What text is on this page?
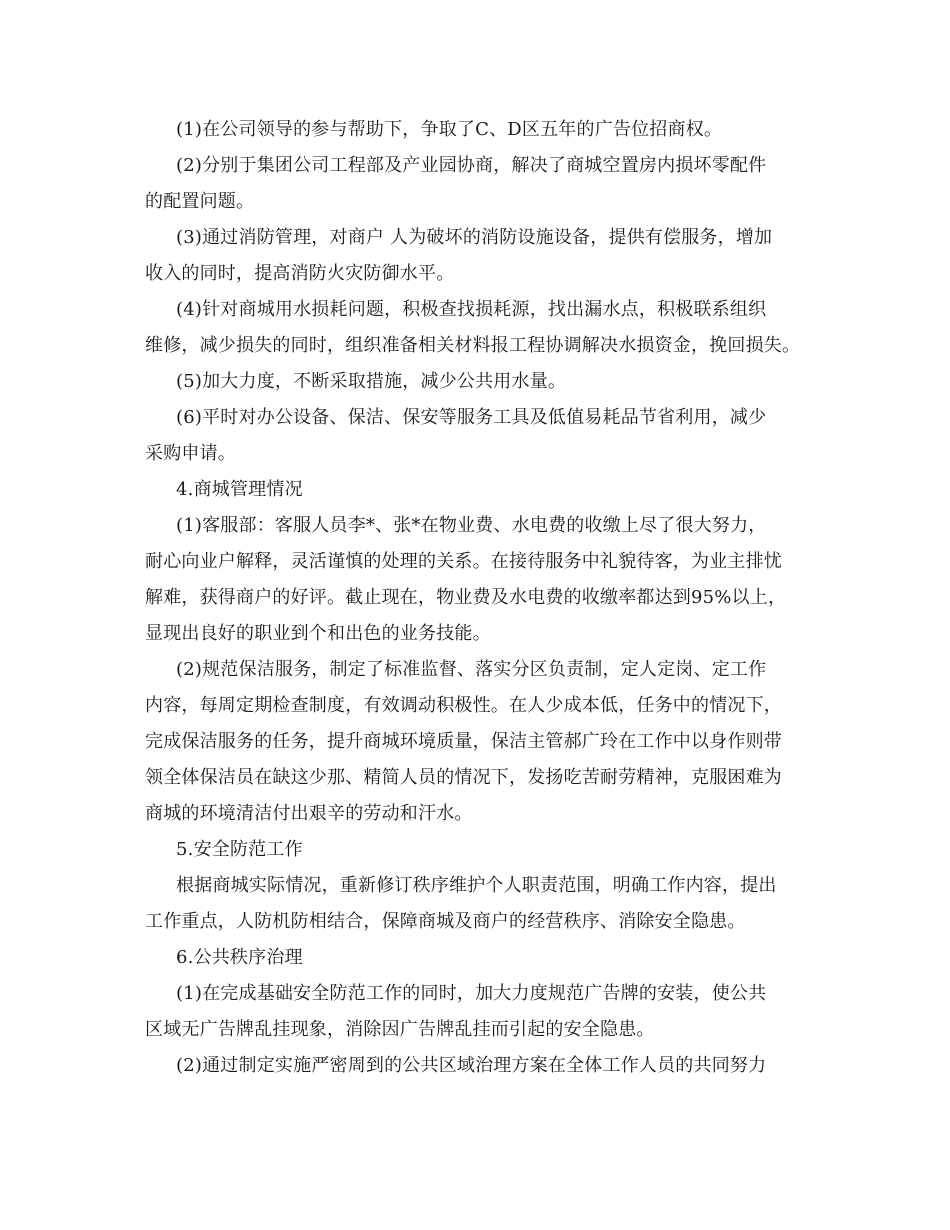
(1)在公司领导的参与帮助下，争取了C、D区五年的广告位招商权。
(2)分别于集团公司工程部及产业园协商，解决了商城空置房内损坏零配件
的配置问题。
(3)通过消防管理，对商户 人为破坏的消防设施设备，提供有偿服务，增加
收入的同时，提高消防火灾防御水平。
(4)针对商城用水损耗问题，积极查找损耗源，找出漏水点，积极联系组织
维修，减少损失的同时，组织准备相关材料报工程协调解决水损资金，挽回损失。
(5)加大力度，不断采取措施，减少公共用水量。
(6)平时对办公设备、保洁、保安等服务工具及低值易耗品节省利用，减少
采购申请。
4.商城管理情况
(1)客服部：客服人员李*、张*在物业费、水电费的收缴上尽了很大努力，
耐心向业户解释，灵活谨慎的处理的关系。在接待服务中礼貌待客，为业主排忧
解难，获得商户的好评。截止现在，物业费及水电费的收缴率都达到95%以上，
显现出良好的职业到个和出色的业务技能。
(2)规范保洁服务，制定了标准监督、落实分区负责制，定人定岗、定工作
内容，每周定期检查制度，有效调动积极性。在人少成本低，任务中的情况下，
完成保洁服务的任务，提升商城环境质量，保洁主管郝广玲在工作中以身作则带
领全体保洁员在缺这少那、精简人员的情况下，发扬吃苦耐劳精神，克服困难为
商城的环境清洁付出艰辛的劳动和汗水。
5.安全防范工作
根据商城实际情况，重新修订秩序维护个人职责范围，明确工作内容，提出
工作重点，人防机防相结合，保障商城及商户的经营秩序、消除安全隐患。
6.公共秩序治理
(1)在完成基础安全防范工作的同时，加大力度规范广告牌的安装，使公共
区域无广告牌乱挂现象，消除因广告牌乱挂而引起的安全隐患。
(2)通过制定实施严密周到的公共区域治理方案在全体工作人员的共同努力
